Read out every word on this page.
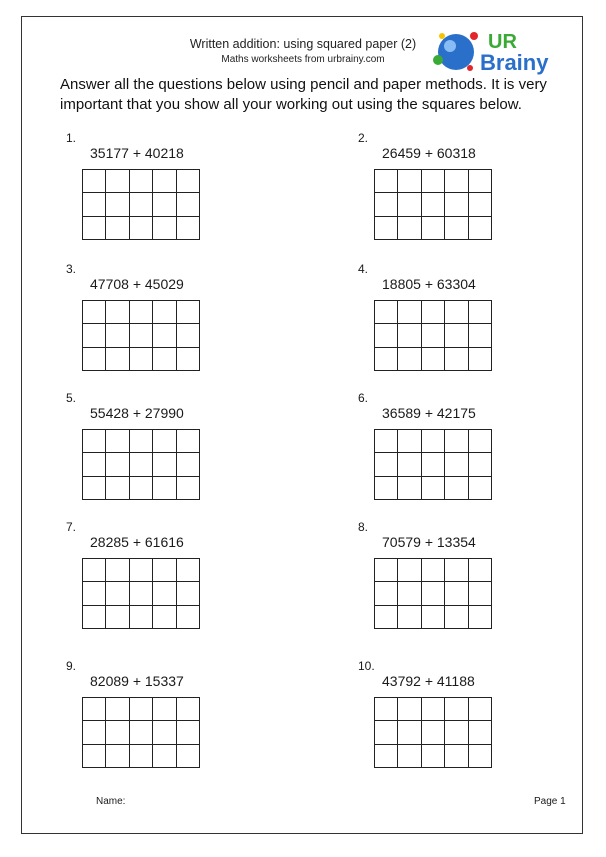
Written addition: using squared paper (2)
Maths worksheets from urbrainy.com
UR
Brainy
Answer all the questions below using pencil and paper methods. It is very important that you show all your working out using the squares below.
1.
35177 + 40218
2.
26459 + 60318
3.
47708 + 45029
4.
18805 + 63304
5.
55428 + 27990
6.
36589 + 42175
7.
28285 + 61616
8.
70579 + 13354
9.
82089 + 15337
10.
43792 + 41188
Name:	Page 1
